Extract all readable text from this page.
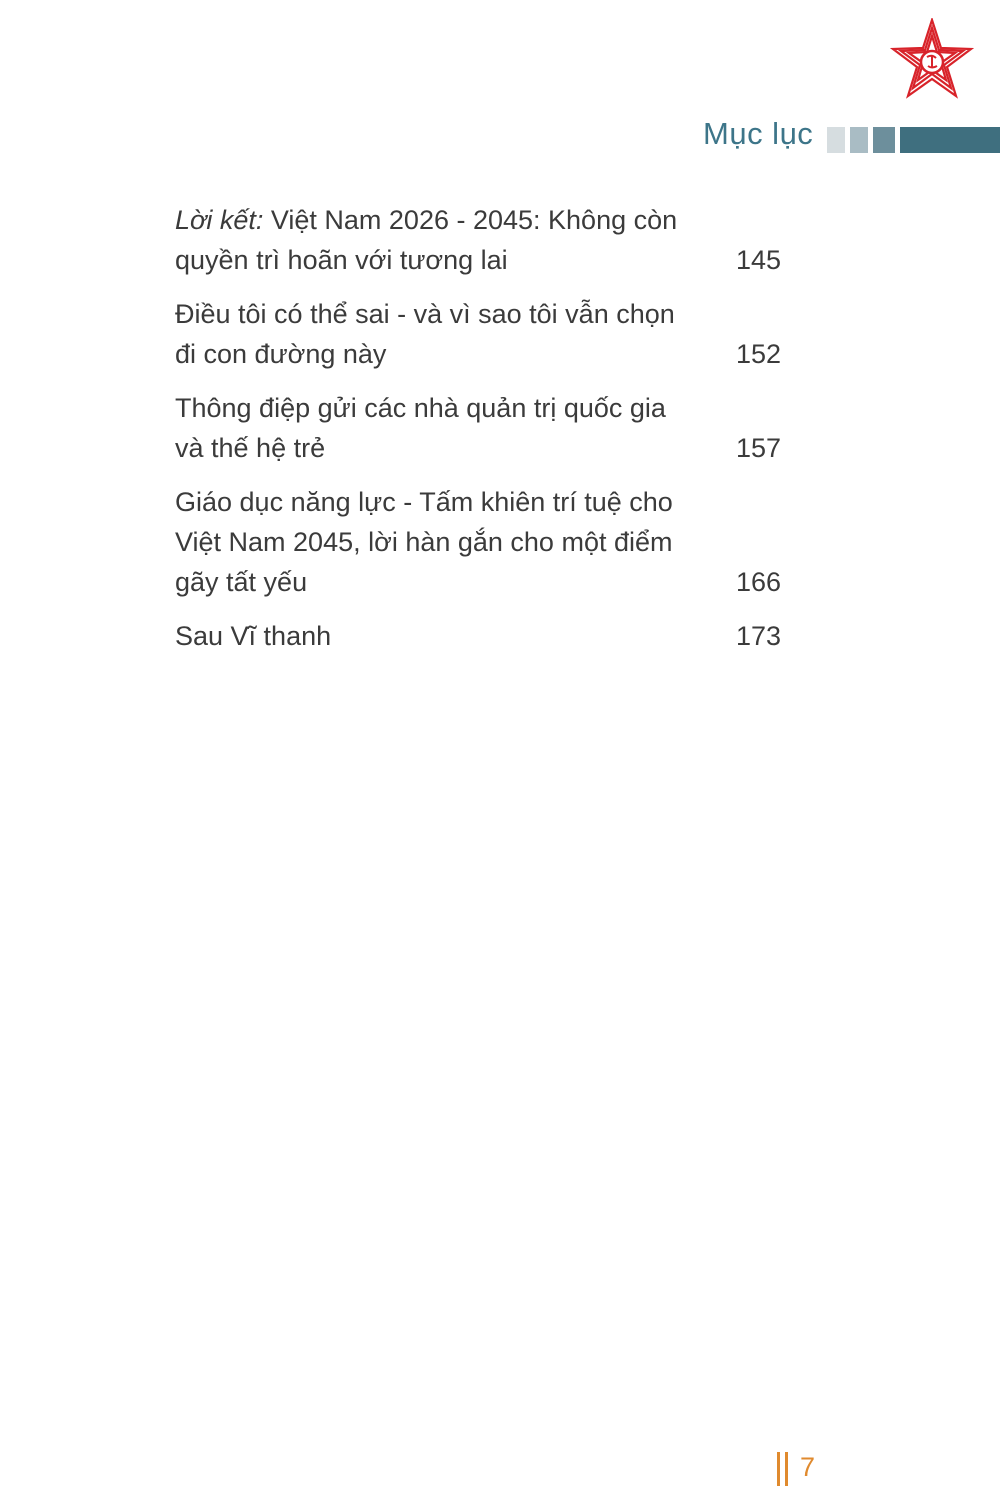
Mục lục
Lời kết: Việt Nam 2026 - 2045: Không còn quyền trì hoãn với tương lai	145
Điều tôi có thể sai - và vì sao tôi vẫn chọn đi con đường này	152
Thông điệp gửi các nhà quản trị quốc gia và thế hệ trẻ	157
Giáo dục năng lực - Tấm khiên trí tuệ cho Việt Nam 2045, lời hàn gắn cho một điểm gãy tất yếu	166
Sau Vĩ thanh	173
7
